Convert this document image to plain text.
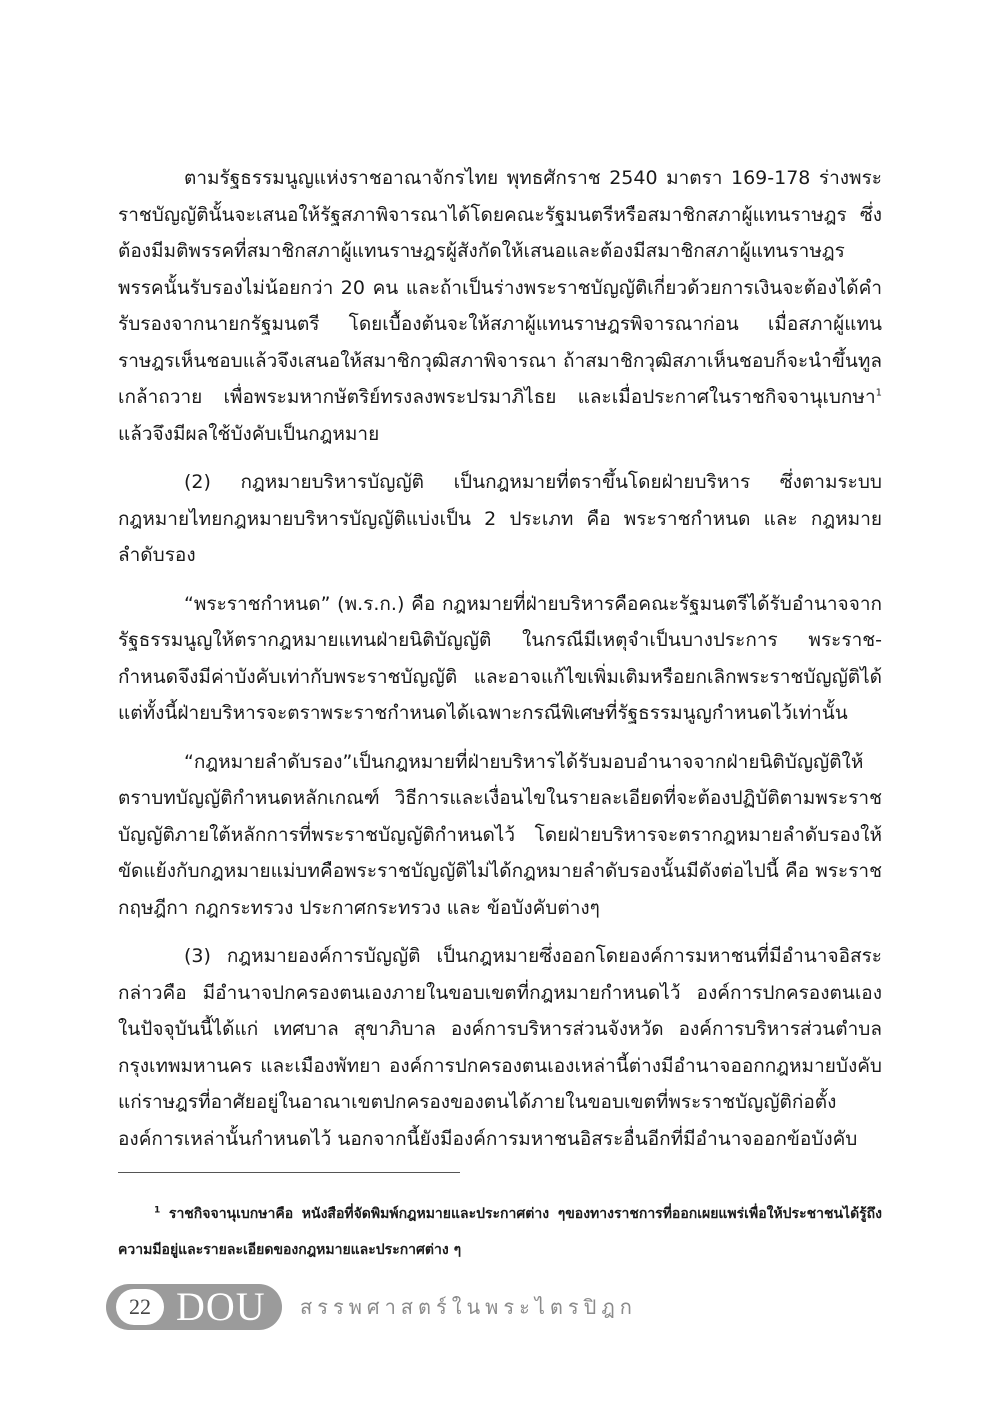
ตามรัฐธรรมนูญแห่งราชอาณาจักรไทย พุทธศักราช 2540 มาตรา 169-178 ร่างพระราชบัญญัตินั้นจะเสนอให้รัฐสภาพิจารณาได้โดยคณะรัฐมนตรีหรือสมาชิกสภาผู้แทนราษฎร ซึ่งต้องมีมติพรรคที่สมาชิกสภาผู้แทนราษฎรผู้สังกัดให้เสนอและต้องมีสมาชิกสภาผู้แทนราษฎรพรรคนั้นรับรองไม่น้อยกว่า 20 คน และถ้าเป็นร่างพระราชบัญญัติเกี่ยวด้วยการเงินจะต้องได้คำรับรองจากนายกรัฐมนตรี โดยเบื้องต้นจะให้สภาผู้แทนราษฎรพิจารณาก่อน เมื่อสภาผู้แทนราษฎรเห็นชอบแล้วจึงเสนอให้สมาชิกวุฒิสภาพิจารณา ถ้าสมาชิกวุฒิสภาเห็นชอบก็จะนำขึ้นทูลเกล้าถวาย เพื่อพระมหากษัตริย์ทรงลงพระปรมาภิไธย และเมื่อประกาศในราชกิจจานุเบกษา$^1$ แล้วจึงมีผลใช้บังคับเป็นกฎหมาย

(2) กฎหมายบริหารบัญญัติ เป็นกฎหมายที่ตราขึ้นโดยฝ่ายบริหาร ซึ่งตามระบบกฎหมายไทยกฎหมายบริหารบัญญัติแบ่งเป็น 2 ประเภท คือ พระราชกำหนด และ กฎหมายลำดับรอง

“พระราชกำหนด” (พ.ร.ก.) คือ กฎหมายที่ฝ่ายบริหารคือคณะรัฐมนตรีได้รับอำนาจจากรัฐธรรมนูญให้ตรากฎหมายแทนฝ่ายนิติบัญญัติ ในกรณีมีเหตุจำเป็นบางประการ พระราช-กำหนดจึงมีค่าบังคับเท่ากับพระราชบัญญัติ และอาจแก้ไขเพิ่มเติมหรือยกเลิกพระราชบัญญัติได้ แต่ทั้งนี้ฝ่ายบริหารจะตราพระราชกำหนดได้เฉพาะกรณีพิเศษที่รัฐธรรมนูญกำหนดไว้เท่านั้น

“กฎหมายลำดับรอง”เป็นกฎหมายที่ฝ่ายบริหารได้รับมอบอำนาจจากฝ่ายนิติบัญญัติให้ตราบทบัญญัติกำหนดหลักเกณฑ์ วิธีการและเงื่อนไขในรายละเอียดที่จะต้องปฏิบัติตามพระราชบัญญัติภายใต้หลักการที่พระราชบัญญัติกำหนดไว้ โดยฝ่ายบริหารจะตรากฎหมายลำดับรองให้ขัดแย้งกับกฎหมายแม่บทคือพระราชบัญญัติไม่ได้กฎหมายลำดับรองนั้นมีดังต่อไปนี้ คือ พระราชกฤษฎีกา กฎกระทรวง ประกาศกระทรวง และ ข้อบังคับต่างๆ

(3) กฎหมายองค์การบัญญัติ เป็นกฎหมายซึ่งออกโดยองค์การมหาชนที่มีอำนาจอิสระ กล่าวคือ มีอำนาจปกครองตนเองภายในขอบเขตที่กฎหมายกำหนดไว้ องค์การปกครองตนเองในปัจจุบันนี้ได้แก่ เทศบาล สุขาภิบาล องค์การบริหารส่วนจังหวัด องค์การบริหารส่วนตำบล กรุงเทพมหานคร และเมืองพัทยา องค์การปกครองตนเองเหล่านี้ต่างมีอำนาจออกกฎหมายบังคับแก่ราษฎรที่อาศัยอยู่ในอาณาเขตปกครองของตนได้ภายในขอบเขตที่พระราชบัญญัติก่อตั้งองค์การเหล่านั้นกำหนดไว้ นอกจากนี้ยังมีองค์การมหาชนอิสระอื่นอีกที่มีอำนาจออกข้อบังคับ

$^1$ ราชกิจจานุเบกษาคือ หนังสือที่จัดพิมพ์กฎหมายและประกาศต่าง ๆของทางราชการที่ออกเผยแพร่เพื่อให้ประชาชนได้รู้ถึงความมีอยู่และรายละเอียดของกฎหมายและประกาศต่าง ๆ

22 DOU สรรพศาสตร์ในพระไตรปิฎก
